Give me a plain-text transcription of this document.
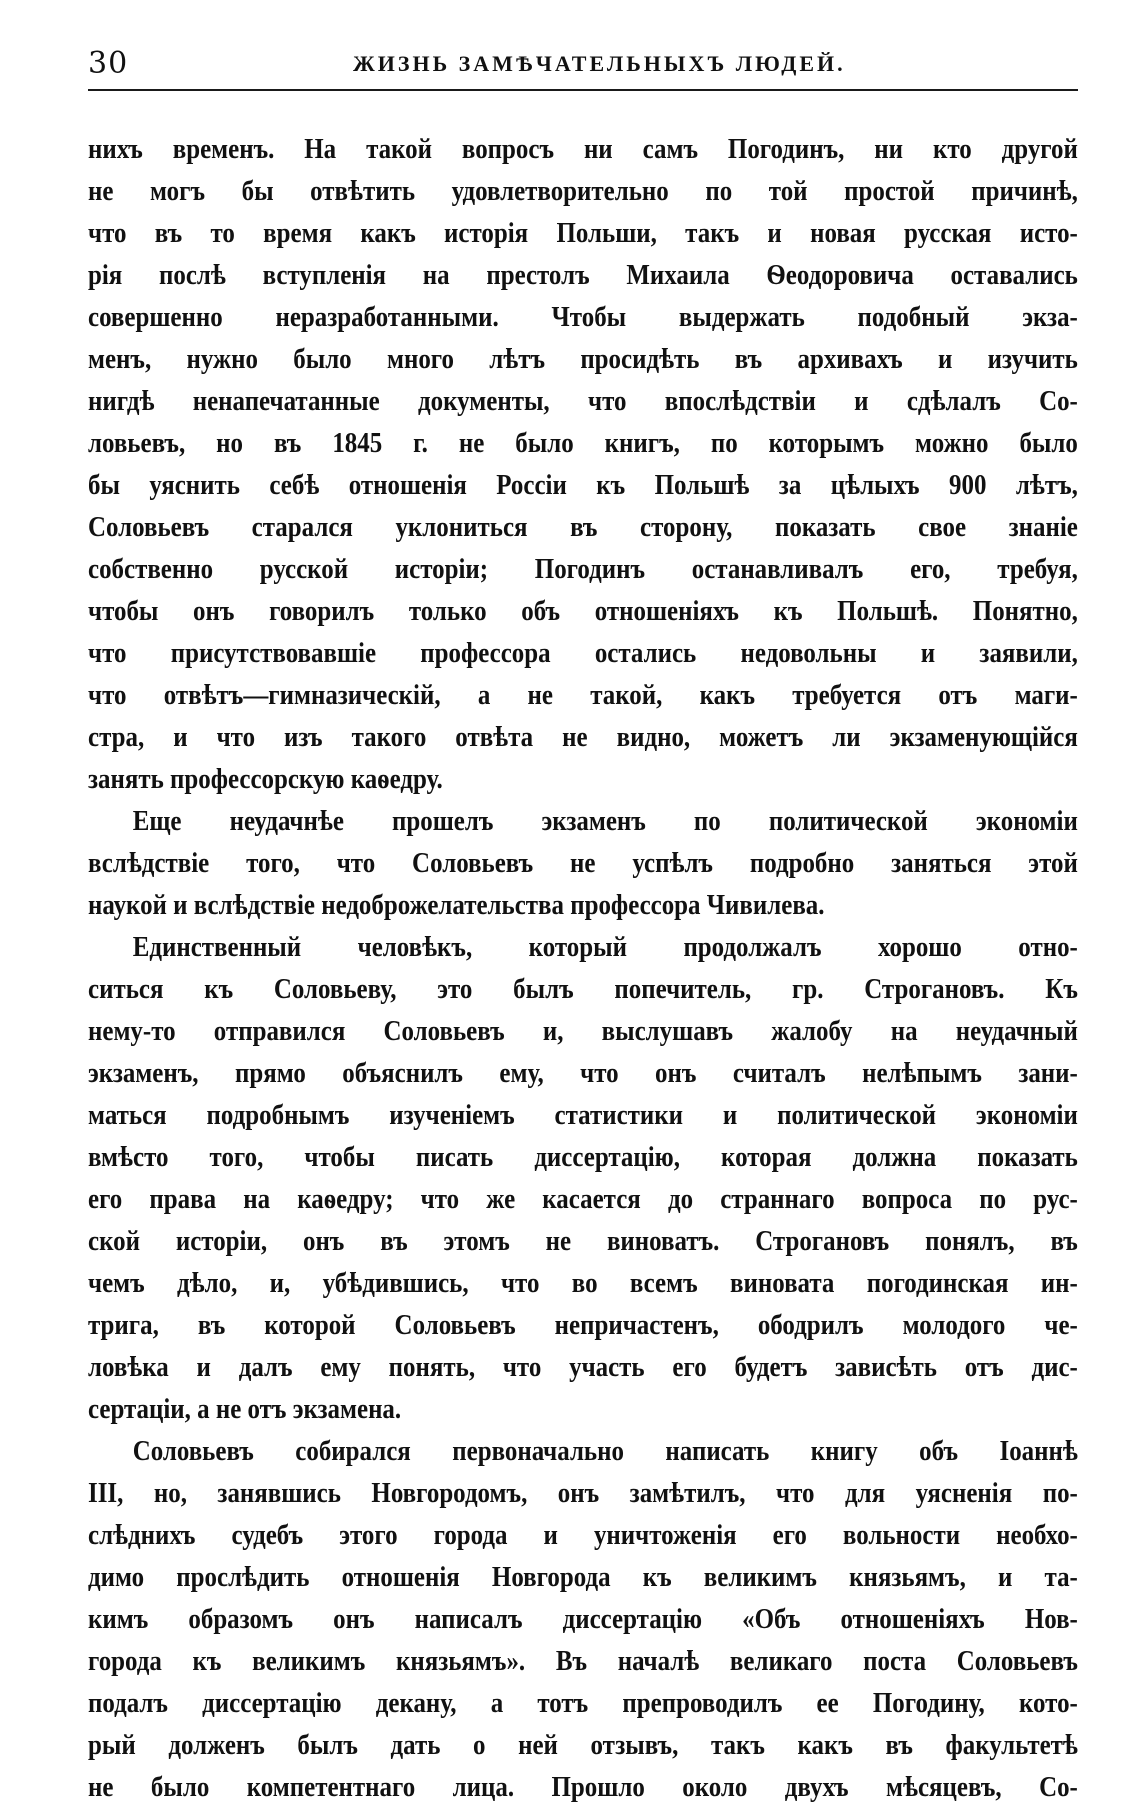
30	ЖИЗНЬ ЗАМѢЧАТЕЛЬНЫХЪ ЛЮДЕЙ.
нихъ временъ. На такой вопросъ ни самъ Погодинъ, ни кто другой
не могъ бы отвѣтить удовлетворительно по той простой причинѣ,
что въ то время какъ исторія Польши, такъ и новая русская исто-
рія послѣ вступленія на престолъ Михаила Ѳеодоровича оставались
совершенно неразработанными. Чтобы выдержать подобный экза-
менъ, нужно было много лѣтъ просидѣть въ архивахъ и изучить
нигдѣ ненапечатанные документы, что впослѣдствіи и сдѣлалъ Со-
ловьевъ, но въ 1845 г. не было книгъ, по которымъ можно было
бы уяснить себѣ отношенія Россіи къ Польшѣ за цѣлыхъ 900 лѣтъ,
Соловьевъ старался уклониться въ сторону, показать свое знаніе
собственно русской исторіи; Погодинъ останавливалъ его, требуя,
чтобы онъ говорилъ только объ отношеніяхъ къ Польшѣ. Понятно,
что присутствовавшіе профессора остались недовольны и заявили,
что отвѣтъ—гимназическій, а не такой, какъ требуется отъ маги-
стра, и что изъ такого отвѣта не видно, можетъ ли экзаменующійся
занять профессорскую каѳедру.
Еще неудачнѣе прошелъ экзаменъ по политической экономіи
вслѣдствіе того, что Соловьевъ не успѣлъ подробно заняться этой
наукой и вслѣдствіе недоброжелательства профессора Чивилева.
Единственный человѣкъ, который продолжалъ хорошо отно-
ситься къ Соловьеву, это былъ попечитель, гр. Строгановъ. Къ
нему-то отправился Соловьевъ и, выслушавъ жалобу на неудачный
экзаменъ, прямо объяснилъ ему, что онъ считалъ нелѣпымъ зани-
маться подробнымъ изученіемъ статистики и политической экономіи
вмѣсто того, чтобы писать диссертацію, которая должна показать
его права на каѳедру; что же касается до страннаго вопроса по рус-
ской исторіи, онъ въ этомъ не виноватъ. Строгановъ понялъ, въ
чемъ дѣло, и, убѣдившись, что во всемъ виновата погодинская ин-
трига, въ которой Соловьевъ непричастенъ, ободрилъ молодого че-
ловѣка и далъ ему понять, что участь его будетъ зависѣть отъ дис-
сертаціи, а не отъ экзамена.
Соловьевъ собирался первоначально написать книгу объ Іоаннѣ
III, но, занявшись Новгородомъ, онъ замѣтилъ, что для уясненія по-
слѣднихъ судебъ этого города и уничтоженія его вольности необхо-
димо прослѣдить отношенія Новгорода къ великимъ князьямъ, и та-
кимъ образомъ онъ написалъ диссертацію «Объ отношеніяхъ Нов-
города къ великимъ князьямъ». Въ началѣ великаго поста Соловьевъ
подалъ диссертацію декану, а тотъ препроводилъ ее Погодину, кото-
рый долженъ былъ дать о ней отзывъ, такъ какъ въ факультетѣ
не было компетентнаго лица. Прошло около двухъ мѣсяцевъ, Со-
